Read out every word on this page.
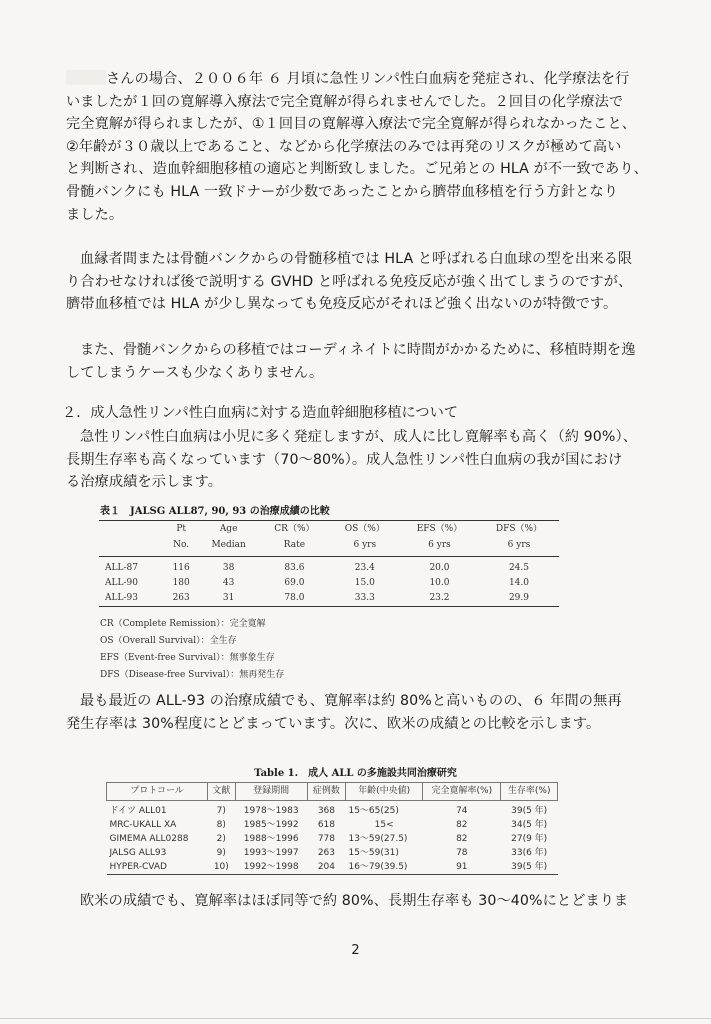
さんの場合、２００６年 ６ 月頃に急性リンパ性白血病を発症され、化学療法を行
いましたが１回の寛解導入療法で完全寛解が得られませんでした。２回目の化学療法で
完全寛解が得られましたが、①１回目の寛解導入療法で完全寛解が得られなかったこと、
②年齢が３０歳以上であること、などから化学療法のみでは再発のリスクが極めて高い
と判断され、造血幹細胞移植の適応と判断致しました。ご兄弟との HLA が不一致であり、
骨髄バンクにも HLA 一致ドナーが少数であったことから臍帯血移植を行う方針となり
ました。
血縁者間または骨髄バンクからの骨髄移植では HLA と呼ばれる白血球の型を出来る限
り合わせなければ後で説明する GVHD と呼ばれる免疫反応が強く出てしまうのですが、
臍帯血移植では HLA が少し異なっても免疫反応がそれほど強く出ないのが特徴です。
また、骨髄バンクからの移植ではコーディネイトに時間がかかるために、移植時期を逸
してしまうケースも少なくありません。
２．成人急性リンパ性白血病に対する造血幹細胞移植について
急性リンパ性白血病は小児に多く発症しますが、成人に比し寛解率も高く（約 90%）、
長期生存率も高くなっています（70～80%）。成人急性リンパ性白血病の我が国におけ
る治療成績を示します。
表１　JALSG ALL87, 90, 93 の治療成績の比較
	Pt	Age	CR（%）	OS（%）	EFS（%）	DFS（%）
	No.	Median	Rate	6 yrs	6 yrs	6 yrs
ALL-87	116	38	83.6	23.4	20.0	24.5
ALL-90	180	43	69.0	15.0	10.0	14.0
ALL-93	263	31	78.0	33.3	23.2	29.9
CR（Complete Remission）：完全寛解
OS（Overall Survival）：全生存
EFS（Event-free Survival）：無事象生存
DFS（Disease-free Survival）：無再発生存
最も最近の ALL-93 の治療成績でも、寛解率は約 80%と高いものの、６ 年間の無再
発生存率は 30%程度にとどまっています。次に、欧米の成績との比較を示します。
Table 1.　成人 ALL の多施設共同治療研究
プロトコール	文献	登録期間	症例数	年齢(中央値)	完全寛解率(%)	生存率(%)
ドイツ ALL01	7)	1978～1983	368	15～65(25)	74	39(5 年)
MRC-UKALL XA	8)	1985～1992	618	15<	82	34(5 年)
GIMEMA ALL0288	2)	1988～1996	778	13～59(27.5)	82	27(9 年)
JALSG ALL93	9)	1993～1997	263	15～59(31)	78	33(6 年)
HYPER-CVAD	10)	1992～1998	204	16～79(39.5)	91	39(5 年)
欧米の成績でも、寛解率はほぼ同等で約 80%、長期生存率も 30～40%にとどまりま
2
